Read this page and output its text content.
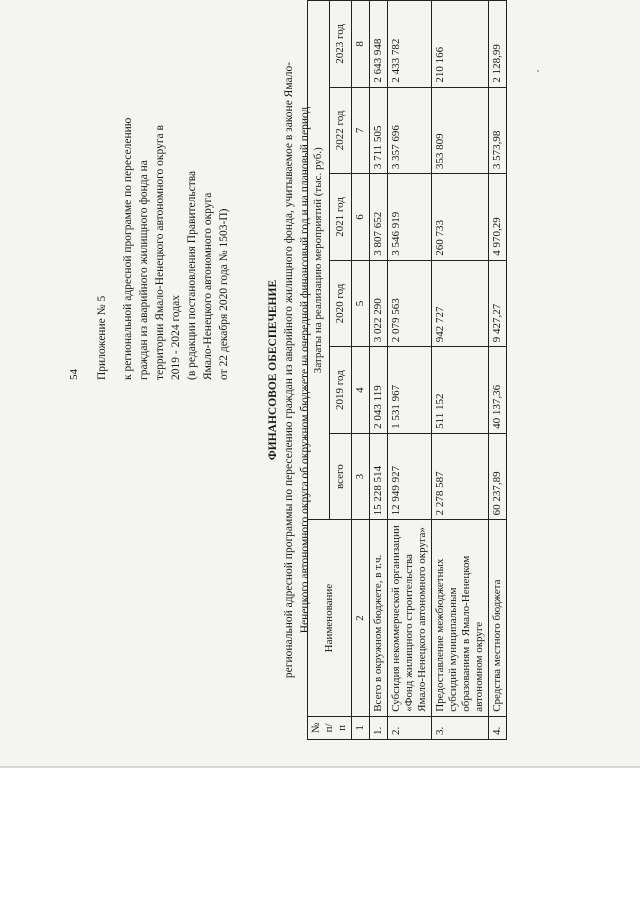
54 Приложение № 5 к региональной адресной программе по переселению граждан из аварийного жилищного фонда на территории Ямало-Ненецкого автономного округа в 2019 - 2024 годах (в редакции постановления Правительства Ямало-Ненецкого автономного округа от 22 декабря 2020 года № 1503-П)	ФИНАНСОВОЕ ОБЕСПЕЧЕНИЕ региональной адресной программы по переселению граждан из аварийного жилищного фонда, учитываемое в законе Ямало- Ненецкого автономного округа об окружном бюджете на очередной финансовый год и на плановый период
№ п/п	Наименование	Затраты на реализацию мероприятий (тыс. руб.)					
		всего	2019 год	2020 год	2021 год	2022 год	2023 год
1	2	3	4	5	6	7	8
1.	Всего в окружном бюджете, в т.ч.	15 228 514	2 043 119	3 022 290	3 807 652	3 711 505	2 643 948
2.	Субсидия некоммерческой организации «Фонд жилищного строительства Ямало-Ненецкого автономного округа»	12 949 927	1 531 967	2 079 563	3 546 919	3 357 696	2 433 782
3.	Предоставление межбюджетных субсидий муниципальным образованиям в Ямало-Ненецком автономном округе	2 278 587	511 152	942 727	260 733	353 809	210 166
4.	Средства местного бюджета	60 237,89	40 137,36	9 427,27	4 970,29	3 573,98	2 128,99
